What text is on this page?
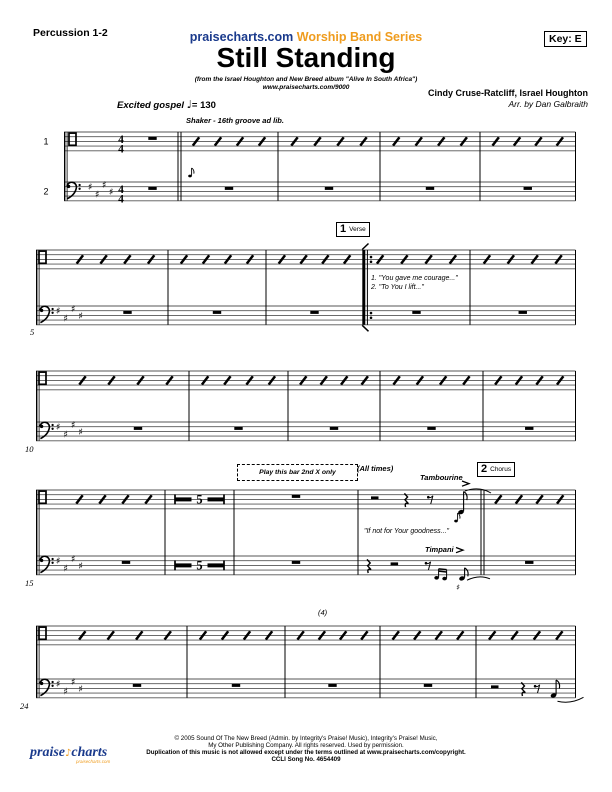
♯
♯
♯
♯
4
4
4
4
1
2
♯
♯
♯
♯
♯
♯
♯
♯
♯
♯
♯
♯
5
5
♯
♯
♯
♯
♯
Percussion 1-2	praisecharts.com Worship Band Series	Key: E
Still Standing
(from the Israel Houghton and New Breed album "Alive In South Africa")
www.praisecharts.com/9000
Cindy Cruse-Ratcliff, Israel Houghton
Arr. by Dan Galbraith
Excited gospel ♩= 130
Shaker - 16th groove ad lib.
1 Verse
2 Chorus
1. "You gave me courage..."
2. "To You I lift..."
Play this bar 2nd X only	(All times)
Tambourine
"If not for Your goodness..."
Timpani
(4)
5
10
15
24
praise♪charts
praisecharts.com
© 2005 Sound Of The New Breed (Admin. by Integrity's Praise! Music), Integrity's Praise! Music,
My Other Publishing Company. All rights reserved. Used by permission.
Duplication of this music is not allowed except under the terms outlined at www.praisecharts.com/copyright.
CCLI Song No. 4654409
